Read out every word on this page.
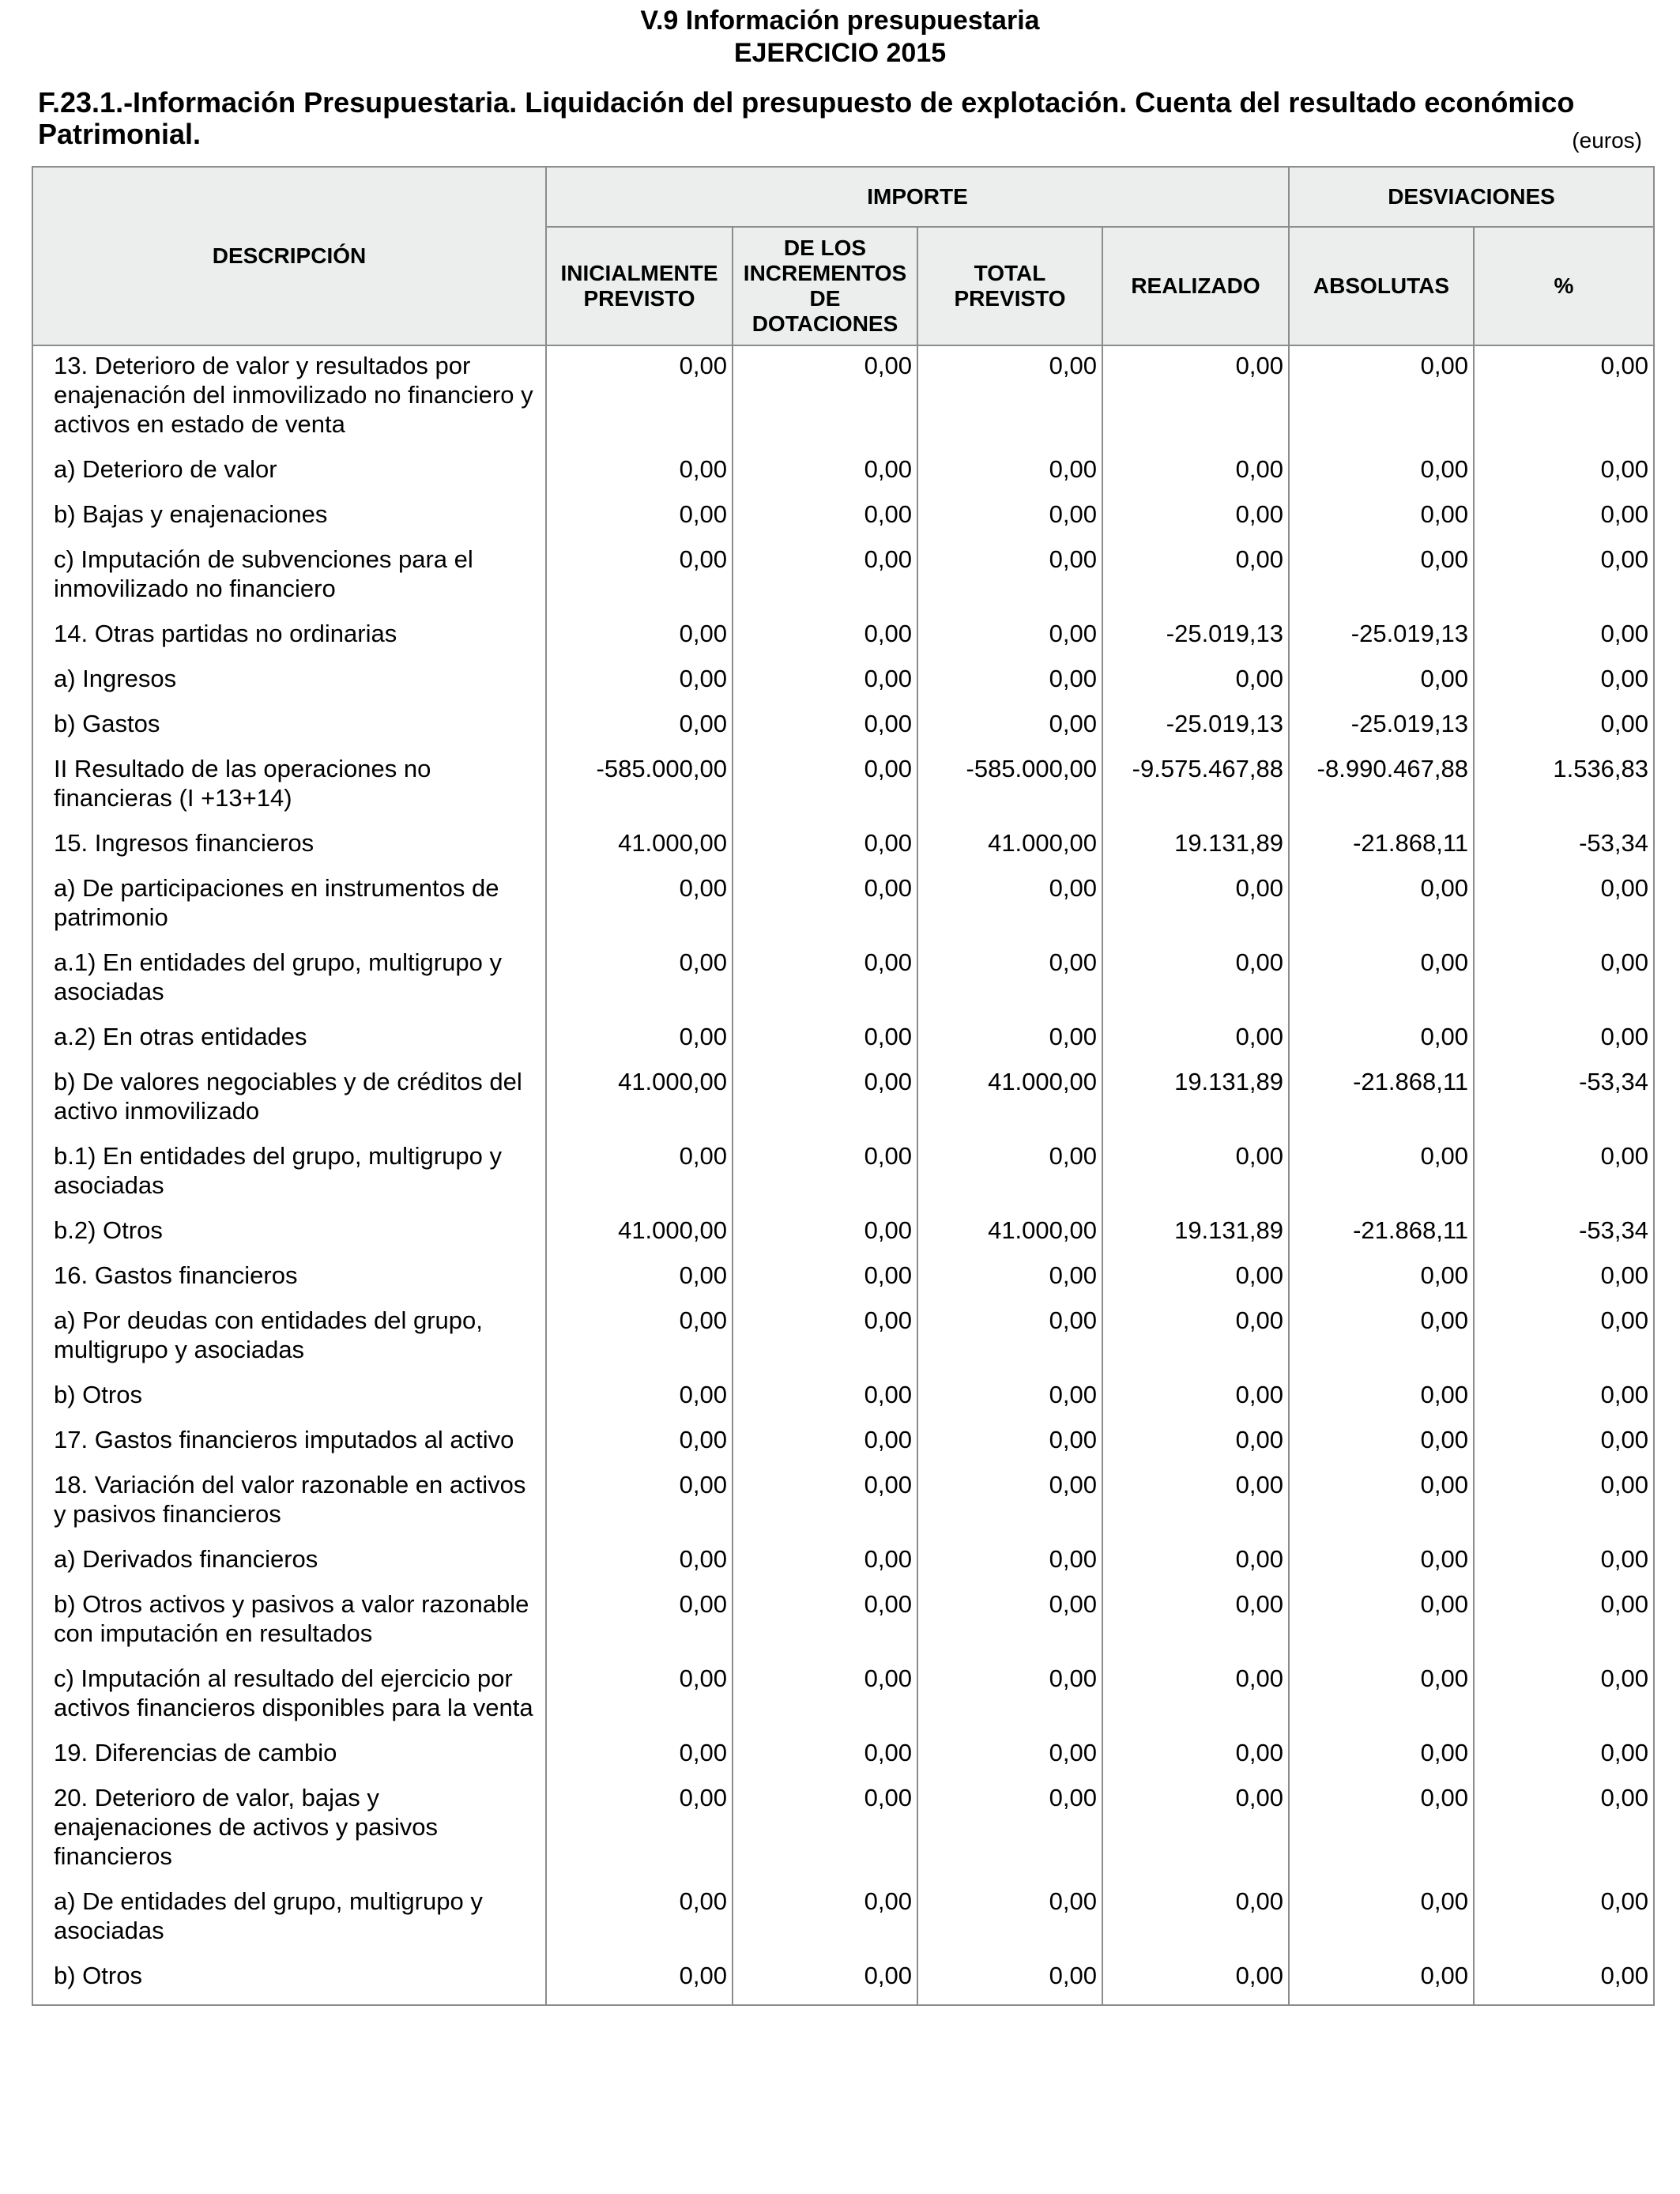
V.9 Información presupuestaria
EJERCICIO 2015
F.23.1.-Información Presupuestaria. Liquidación del presupuesto de explotación. Cuenta del resultado económico Patrimonial.	(euros)
DESCRIPCIÓN	IMPORTE				DESVIACIONES	
	INICIALMENTE PREVISTO	DE LOS INCREMENTOS DE DOTACIONES	TOTAL PREVISTO	REALIZADO	ABSOLUTAS	%
13. Deterioro de valor y resultados por enajenación del inmovilizado no financiero y activos en estado de venta	0,00	0,00	0,00	0,00	0,00	0,00
a) Deterioro de valor	0,00	0,00	0,00	0,00	0,00	0,00
b) Bajas y enajenaciones	0,00	0,00	0,00	0,00	0,00	0,00
c) Imputación de subvenciones para el inmovilizado no financiero	0,00	0,00	0,00	0,00	0,00	0,00
14. Otras partidas no ordinarias	0,00	0,00	0,00	-25.019,13	-25.019,13	0,00
a) Ingresos	0,00	0,00	0,00	0,00	0,00	0,00
b) Gastos	0,00	0,00	0,00	-25.019,13	-25.019,13	0,00
II Resultado de las operaciones no financieras (I +13+14)	-585.000,00	0,00	-585.000,00	-9.575.467,88	-8.990.467,88	1.536,83
15. Ingresos financieros	41.000,00	0,00	41.000,00	19.131,89	-21.868,11	-53,34
a) De participaciones en instrumentos de patrimonio	0,00	0,00	0,00	0,00	0,00	0,00
a.1) En entidades del grupo, multigrupo y asociadas	0,00	0,00	0,00	0,00	0,00	0,00
a.2) En otras entidades	0,00	0,00	0,00	0,00	0,00	0,00
b) De valores negociables y de créditos del activo inmovilizado	41.000,00	0,00	41.000,00	19.131,89	-21.868,11	-53,34
b.1) En entidades del grupo, multigrupo y asociadas	0,00	0,00	0,00	0,00	0,00	0,00
b.2) Otros	41.000,00	0,00	41.000,00	19.131,89	-21.868,11	-53,34
16. Gastos financieros	0,00	0,00	0,00	0,00	0,00	0,00
a) Por deudas con entidades del grupo, multigrupo y asociadas	0,00	0,00	0,00	0,00	0,00	0,00
b) Otros	0,00	0,00	0,00	0,00	0,00	0,00
17. Gastos financieros imputados al activo	0,00	0,00	0,00	0,00	0,00	0,00
18. Variación del valor razonable en activos y pasivos financieros	0,00	0,00	0,00	0,00	0,00	0,00
a) Derivados financieros	0,00	0,00	0,00	0,00	0,00	0,00
b) Otros activos y pasivos a valor razonable con imputación en resultados	0,00	0,00	0,00	0,00	0,00	0,00
c) Imputación al resultado del ejercicio por activos financieros disponibles para la venta	0,00	0,00	0,00	0,00	0,00	0,00
19. Diferencias de cambio	0,00	0,00	0,00	0,00	0,00	0,00
20. Deterioro de valor, bajas y enajenaciones de activos y pasivos financieros	0,00	0,00	0,00	0,00	0,00	0,00
a) De entidades del grupo, multigrupo y asociadas	0,00	0,00	0,00	0,00	0,00	0,00
b) Otros	0,00	0,00	0,00	0,00	0,00	0,00
